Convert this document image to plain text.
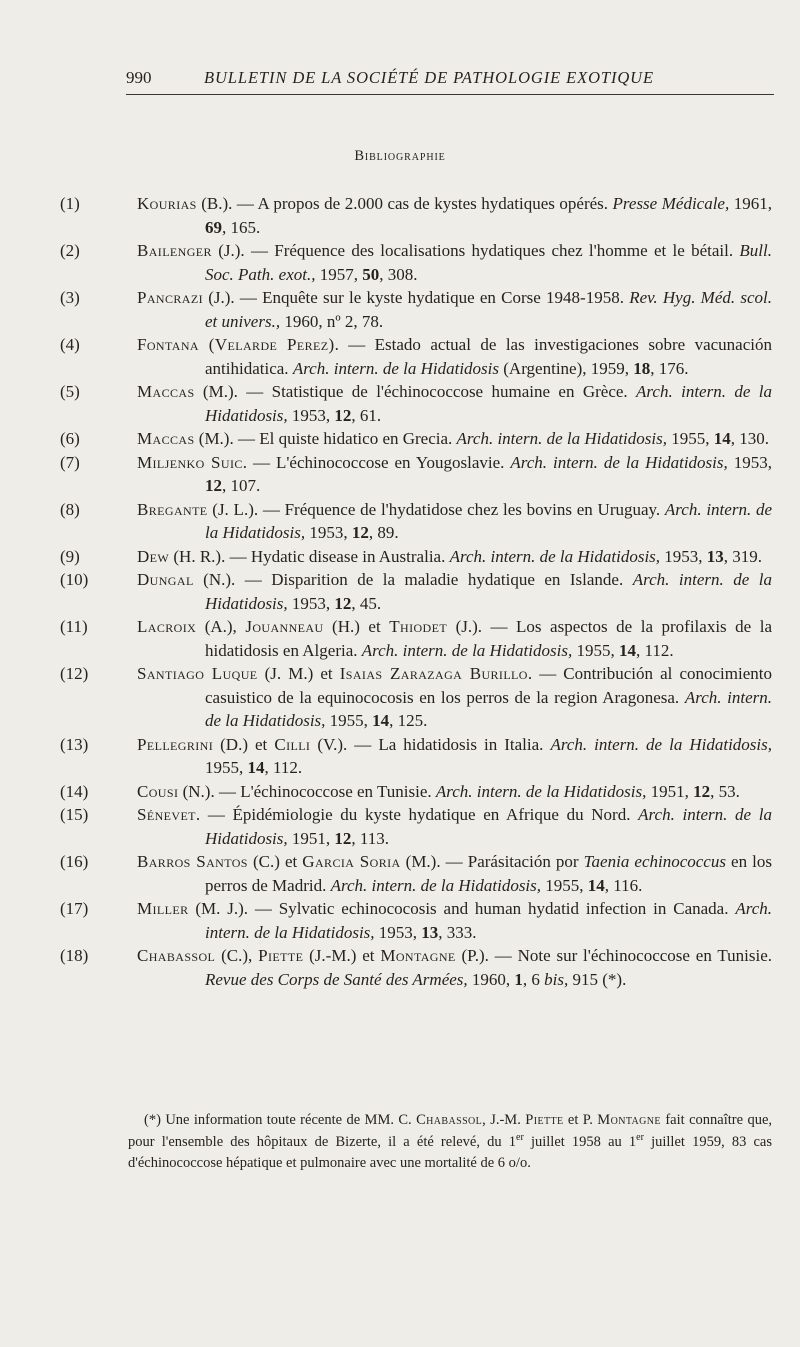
990	BULLETIN DE LA SOCIÉTÉ DE PATHOLOGIE EXOTIQUE
Bibliographie
(1)	Kourias (B.). — A propos de 2.000 cas de kystes hydatiques opérés. Presse Médicale, 1961, 69, 165.
(2)	Bailenger (J.). — Fréquence des localisations hydatiques chez l'homme et le bétail. Bull. Soc. Path. exot., 1957, 50, 308.
(3)	Pancrazi (J.). — Enquête sur le kyste hydatique en Corse 1948-1958. Rev. Hyg. Méd. scol. et univers., 1960, nº 2, 78.
(4)	Fontana (Velarde Perez). — Estado actual de las investigaciones sobre vacunación antihidatica. Arch. intern. de la Hidatidosis (Argentine), 1959, 18, 176.
(5)	Maccas (M.). — Statistique de l'échinococcose humaine en Grèce. Arch. intern. de la Hidatidosis, 1953, 12, 61.
(6)	Maccas (M.). — El quiste hidatico en Grecia. Arch. intern. de la Hidatidosis, 1955, 14, 130.
(7)	Miljenko Suic. — L'échinococcose en Yougoslavie. Arch. intern. de la Hidatidosis, 1953, 12, 107.
(8)	Bregante (J. L.). — Fréquence de l'hydatidose chez les bovins en Uruguay. Arch. intern. de la Hidatidosis, 1953, 12, 89.
(9)	Dew (H. R.). — Hydatic disease in Australia. Arch. intern. de la Hidatidosis, 1953, 13, 319.
(10)	Dungal (N.). — Disparition de la maladie hydatique en Islande. Arch. intern. de la Hidatidosis, 1953, 12, 45.
(11)	Lacroix (A.), Jouanneau (H.) et Thiodet (J.). — Los aspectos de la profilaxis de la hidatidosis en Algeria. Arch. intern. de la Hidatidosis, 1955, 14, 112.
(12)	Santiago Luque (J. M.) et Isaias Zarazaga Burillo. — Contribución al conocimiento casuistico de la equinococosis en los perros de la region Aragonesa. Arch. intern. de la Hidatidosis, 1955, 14, 125.
(13)	Pellegrini (D.) et Cilli (V.). — La hidatidosis in Italia. Arch. intern. de la Hidatidosis, 1955, 14, 112.
(14)	Cousi (N.). — L'échinococcose en Tunisie. Arch. intern. de la Hidatidosis, 1951, 12, 53.
(15)	Sénevet. — Épidémiologie du kyste hydatique en Afrique du Nord. Arch. intern. de la Hidatidosis, 1951, 12, 113.
(16)	Barros Santos (C.) et Garcia Soria (M.). — Parásitación por Taenia echinococcus en los perros de Madrid. Arch. intern. de la Hidatidosis, 1955, 14, 116.
(17)	Miller (M. J.). — Sylvatic echinococosis and human hydatid infection in Canada. Arch. intern. de la Hidatidosis, 1953, 13, 333.
(18)	Chabassol (C.), Piette (J.-M.) et Montagne (P.). — Note sur l'échinococcose en Tunisie. Revue des Corps de Santé des Armées, 1960, 1, 6 bis, 915 (*).
(*) Une information toute récente de MM. C. Chabassol, J.-M. Piette et P. Montagne fait connaître que, pour l'ensemble des hôpitaux de Bizerte, il a été relevé, du 1er juillet 1958 au 1er juillet 1959, 83 cas d'échinococcose hépatique et pulmonaire avec une mortalité de 6 o/o.
